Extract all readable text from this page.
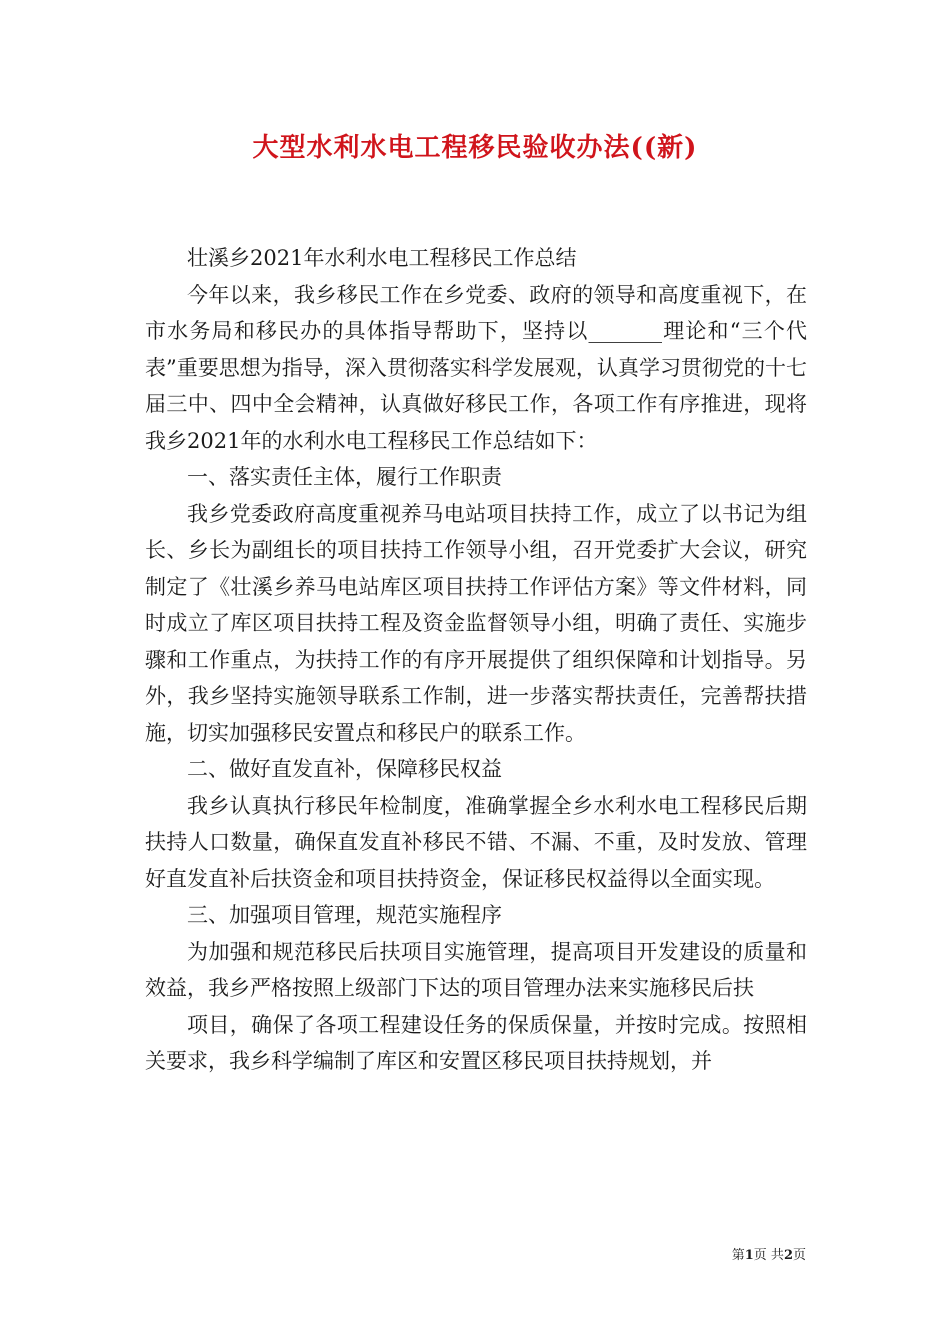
大型水利水电工程移民验收办法((新)

壮溪乡2021年水利水电工程移民工作总结

今年以来，我乡移民工作在乡党委、政府的领导和高度重视下，在市水务局和移民办的具体指导帮助下，坚持以_______理论和“三个代表”重要思想为指导，深入贯彻落实科学发展观，认真学习贯彻党的十七届三中、四中全会精神，认真做好移民工作，各项工作有序推进，现将我乡2021年的水利水电工程移民工作总结如下：

一、落实责任主体，履行工作职责

我乡党委政府高度重视养马电站项目扶持工作，成立了以书记为组长、乡长为副组长的项目扶持工作领导小组，召开党委扩大会议，研究制定了《壮溪乡养马电站库区项目扶持工作评估方案》等文件材料，同时成立了库区项目扶持工程及资金监督领导小组，明确了责任、实施步骤和工作重点，为扶持工作的有序开展提供了组织保障和计划指导。另外，我乡坚持实施领导联系工作制，进一步落实帮扶责任，完善帮扶措施，切实加强移民安置点和移民户的联系工作。

二、做好直发直补，保障移民权益

我乡认真执行移民年检制度，准确掌握全乡水利水电工程移民后期扶持人口数量，确保直发直补移民不错、不漏、不重，及时发放、管理好直发直补后扶资金和项目扶持资金，保证移民权益得以全面实现。

三、加强项目管理，规范实施程序

为加强和规范移民后扶项目实施管理，提高项目开发建设的质量和效益，我乡严格按照上级部门下达的项目管理办法来实施移民后扶

项目，确保了各项工程建设任务的保质保量，并按时完成。按照相关要求，我乡科学编制了库区和安置区移民项目扶持规划，并

第1页 共2页
